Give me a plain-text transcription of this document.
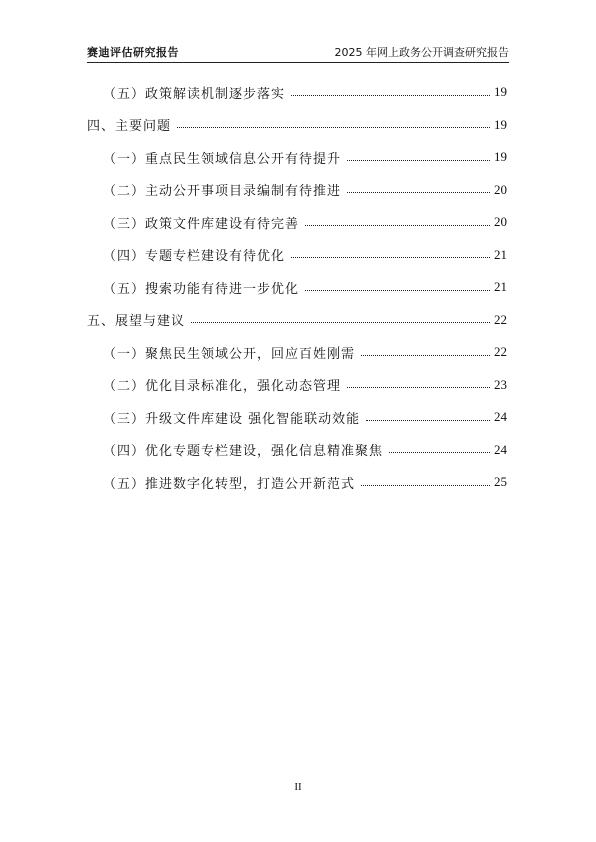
赛迪评估研究报告	2025 年网上政务公开调查研究报告
（五）政策解读机制逐步落实	19
四、主要问题	19
（一）重点民生领域信息公开有待提升	19
（二）主动公开事项目录编制有待推进	20
（三）政策文件库建设有待完善	20
（四）专题专栏建设有待优化	21
（五）搜索功能有待进一步优化	21
五、展望与建议	22
（一）聚焦民生领域公开，回应百姓刚需	22
（二）优化目录标准化，强化动态管理	23
（三）升级文件库建设 强化智能联动效能	24
（四）优化专题专栏建设，强化信息精准聚焦	24
（五）推进数字化转型，打造公开新范式	25
II
